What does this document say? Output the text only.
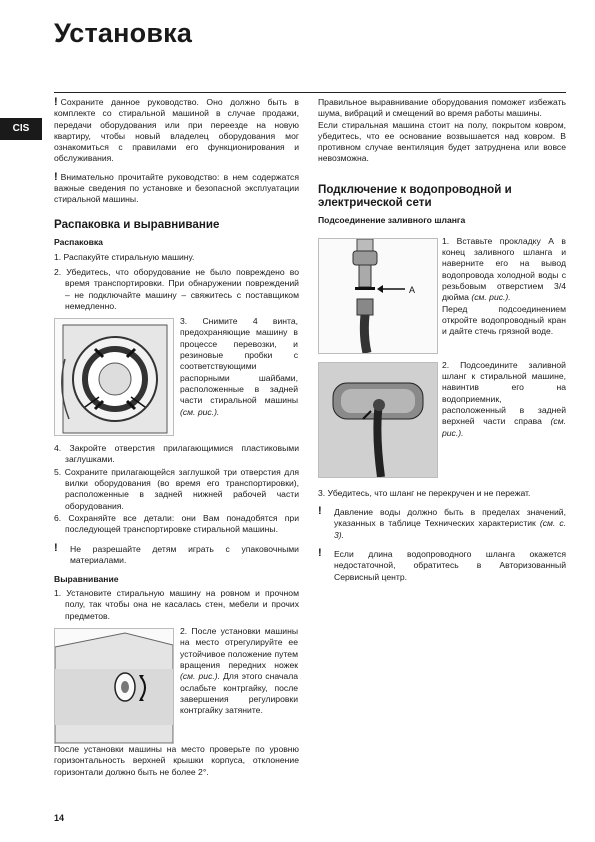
Установка
CIS

! Сохраните данное руководство. Оно должно быть в комплекте со стиральной машиной в случае продажи, передачи оборудования или при переезде на новую квартиру, чтобы новый владелец оборудования мог ознакомиться с правилами его функционирования и обслуживания.

! Внимательно прочитайте руководство: в нем содержатся важные сведения по установке и безопасной эксплуатации стиральной машины.

Распаковка и выравнивание

Распаковка

1. Распакуйте стиральную машину.

2. Убедитесь, что оборудование не было повреждено во время транспортировки. При обнаружении повреждений – не подключайте машину – свяжитесь с поставщиком немедленно.

3. Снимите 4 винта, предохраняющие машину в процессе перевозки, и резиновые пробки с соответствующими распорными шайбами, расположенные в задней части стиральной машины (см. рис.).

4. Закройте отверстия прилагающимися пластиковыми заглушками.

5. Сохраните прилагающейся заглушкой три отверстия для вилки оборудования (во время его транспортировки), расположенные в задней нижней рабочей части оборудования.

6. Сохраняйте все детали: они Вам понадобятся при последующей транспортировке стиральной машины.

! Не разрешайте детям играть с упаковочными материалами.

Выравнивание

1. Установите стиральную машину на ровном и прочном полу, так чтобы она не касалась стен, мебели и прочих предметов.

2. После установки машины на место отрегулируйте ее устойчивое положение путем вращения передних ножек (см. рис.). Для этого сначала ослабьте контргайку, после завершения регулировки контргайку затяните.

После установки машины на место проверьте по уровню горизонтальность верхней крышки корпуса, отклонение горизонтали должно быть не более 2°.

Правильное выравнивание оборудования поможет избежать шума, вибраций и смещений во время работы машины.

Если стиральная машина стоит на полу, покрытом ковром, убедитесь, что ее основание возвышается над ковром. В противном случае вентиляция будет затруднена или вовсе невозможна.

Подключение к водопроводной и электрической сети

Подсоединение заливного шланга

A

1. Вставьте прокладку А в конец заливного шланга и наверните его на вывод водопровода холодной воды с резьбовым отверстием 3/4 дюйма (см. рис.).
Перед подсоединением откройте водопроводный кран и дайте стечь грязной воде.

2. Подсоедините заливной шланг к стиральной машине, навинтив его на водоприемник, расположенный в задней верхней части справа (см. рис.).

3. Убедитесь, что шланг не перекручен и не пережат.

! Давление воды должно быть в пределах значений, указанных в таблице Технических характеристик (см. с. 3).

! Если длина водопроводного шланга окажется недостаточной, обратитесь в Авторизованный Сервисный центр.

14
